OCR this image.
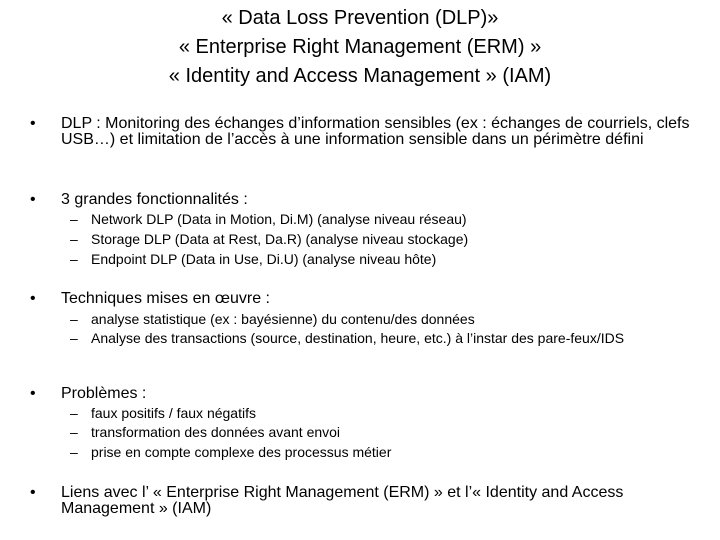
« Data Loss Prevention (DLP)»
« Enterprise Right Management (ERM) »
« Identity and Access Management » (IAM)
• DLP : Monitoring des échanges d’information sensibles (ex : échanges de courriels, clefs USB…) et limitation de l’accès à une information sensible dans un périmètre défini
• 3 grandes fonctionnalités :
– Network DLP (Data in Motion, Di.M) (analyse niveau réseau)
– Storage DLP (Data at Rest, Da.R) (analyse niveau stockage)
– Endpoint DLP (Data in Use, Di.U) (analyse niveau hôte)
• Techniques mises en œuvre :
– analyse statistique (ex : bayésienne) du contenu/des données
– Analyse des transactions (source, destination, heure, etc.) à l’instar des pare-feux/IDS
• Problèmes :
– faux positifs / faux négatifs
– transformation des données avant envoi
– prise en compte complexe des processus métier
• Liens avec l’ « Enterprise Right Management (ERM) » et l’« Identity and Access Management » (IAM)
